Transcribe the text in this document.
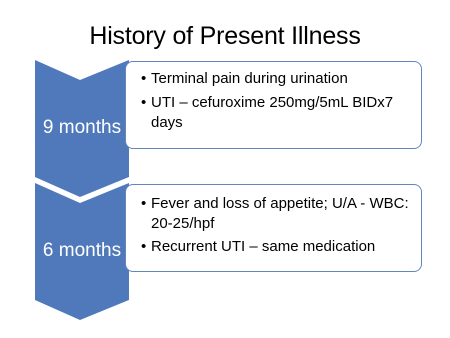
History of Present Illness
• Terminal pain during urination
• UTI – cefuroxime 250mg/5mL BIDx7 days
• Fever and loss of appetite; U/A - WBC: 20-25/hpf
• Recurrent UTI – same medication
9 months
6 months
